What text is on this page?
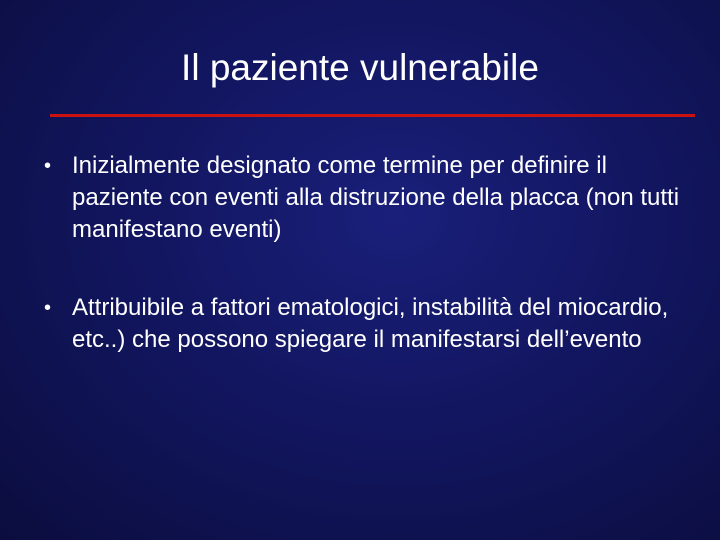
Il paziente vulnerabile
• Inizialmente designato come termine per definire il paziente con eventi alla distruzione della placca (non tutti manifestano eventi)
• Attribuibile a fattori ematologici, instabilità del miocardio, etc..) che possono spiegare il manifestarsi dell’evento
